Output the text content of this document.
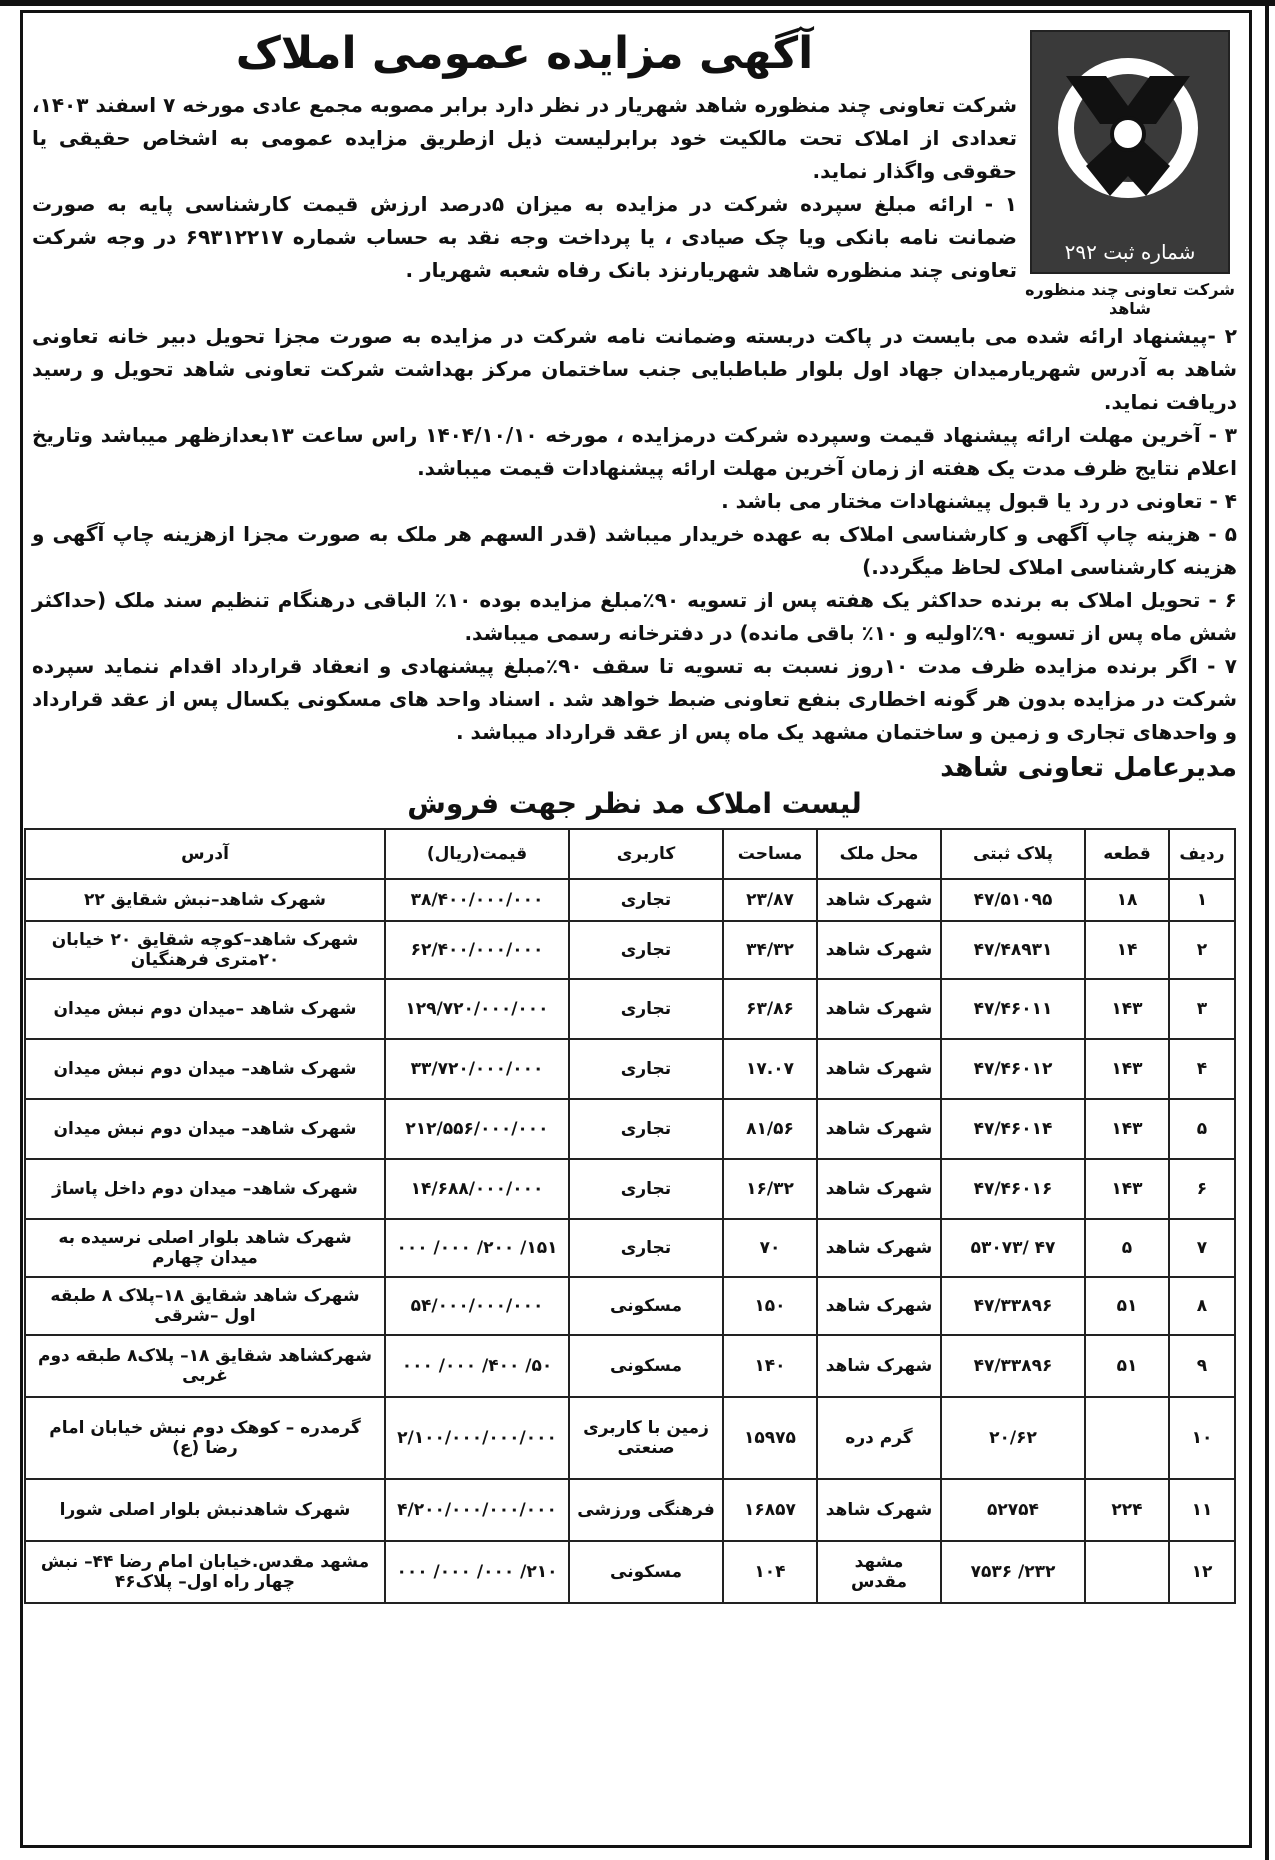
شماره ثبت ۲۹۲
شرکت تعاونی چند منظوره شاهد
آگهی مزایده عمومی املاک

شرکت تعاونی چند منظوره شاهد شهریار در نظر دارد برابر مصوبه مجمع عادی مورخه ۷ اسفند ۱۴۰۳، تعدادی از املاک تحت مالکیت خود برابرلیست ذیل ازطریق مزایده عمومی به اشخاص حقیقی یا حقوقی واگذار نماید.

۱ - ارائه مبلغ سپرده شرکت در مزایده به میزان ۵درصد ارزش قیمت کارشناسی پایه به صورت ضمانت نامه بانکی ویا چک صیادی ، یا پرداخت وجه نقد به حساب شماره ۶۹۳۱۲۲۱۷ در وجه شرکت تعاونی چند منظوره شاهد شهریارنزد بانک رفاه شعبه شهریار .

۲ -پیشنهاد ارائه شده می بایست در پاکت دربسته وضمانت نامه شرکت در مزایده به صورت مجزا تحویل دبیر خانه تعاونی شاهد به آدرس شهریارمیدان جهاد اول بلوار طباطبایی جنب ساختمان مرکز بهداشت شرکت تعاونی شاهد تحویل و رسید دریافت نماید.

۳ - آخرین مهلت ارائه پیشنهاد قیمت وسپرده شرکت درمزایده ، مورخه ۱۴۰۴/۱۰/۱۰ راس ساعت ۱۳بعدازظهر میباشد وتاریخ اعلام نتایج ظرف مدت یک هفته از زمان آخرین مهلت ارائه پیشنهادات قیمت میباشد.

۴ - تعاونی در رد یا قبول پیشنهادات مختار می باشد .

۵ - هزینه چاپ آگهی و کارشناسی املاک به عهده خریدار میباشد (قدر السهم هر ملک به صورت مجزا ازهزینه چاپ آگهی و هزینه کارشناسی املاک لحاظ میگردد.)

۶ - تحویل املاک به برنده حداکثر یک هفته پس از تسویه ۹۰٪مبلغ مزایده بوده ۱۰٪ الباقی درهنگام تنظیم سند ملک (حداکثر شش ماه پس از تسویه ۹۰٪اولیه و ۱۰٪ باقی مانده) در دفترخانه رسمی میباشد.

۷ - اگر برنده مزایده ظرف مدت ۱۰روز نسبت به تسویه تا سقف ۹۰٪مبلغ پیشنهادی و انعقاد قرارداد اقدام ننماید سپرده شرکت در مزایده بدون هر گونه اخطاری بنفع تعاونی ضبط خواهد شد . اسناد واحد های مسکونی یکسال پس از عقد قرارداد و واحدهای تجاری و زمین و ساختمان مشهد یک ماه پس از عقد قرارداد میباشد .

مدیرعامل تعاونی شاهد
لیست املاک مد نظر جهت فروش
ردیف	قطعه	پلاک ثبتی	محل ملک	مساحت	کاربری	قیمت(ریال)	آدرس
۱	۱۸	۴۷/۵۱۰۹۵	شهرک شاهد	۲۳/۸۷	تجاری	۳۸/۴۰۰/۰۰۰/۰۰۰	شهرک شاهد–نبش شقایق ۲۲
۲	۱۴	۴۷/۴۸۹۳۱	شهرک شاهد	۳۴/۳۲	تجاری	۶۲/۴۰۰/۰۰۰/۰۰۰	شهرک شاهد–کوچه شقایق ۲۰ خیابان ۲۰متری فرهنگیان
۳	۱۴۳	۴۷/۴۶۰۱۱	شهرک شاهد	۶۳/۸۶	تجاری	۱۲۹/۷۲۰/۰۰۰/۰۰۰	شهرک شاهد –میدان دوم نبش میدان
۴	۱۴۳	۴۷/۴۶۰۱۲	شهرک شاهد	۱۷.۰۷	تجاری	۳۳/۷۲۰/۰۰۰/۰۰۰	شهرک شاهد– میدان دوم نبش میدان
۵	۱۴۳	۴۷/۴۶۰۱۴	شهرک شاهد	۸۱/۵۶	تجاری	۲۱۲/۵۵۶/۰۰۰/۰۰۰	شهرک شاهد– میدان دوم نبش میدان
۶	۱۴۳	۴۷/۴۶۰۱۶	شهرک شاهد	۱۶/۳۲	تجاری	۱۴/۶۸۸/۰۰۰/۰۰۰	شهرک شاهد– میدان دوم داخل پاساژ
۷	۵	۴۷ /۵۳۰۷۳	شهرک شاهد	۷۰	تجاری	۱۵۱/ ۲۰۰/ ۰۰۰/ ۰۰۰	شهرک شاهد بلوار اصلی نرسیده به میدان چهارم
۸	۵۱	۴۷/۳۳۸۹۶	شهرک شاهد	۱۵۰	مسکونی	۵۴/۰۰۰/۰۰۰/۰۰۰	شهرک شاهد شقایق ۱۸–پلاک ۸ طبقه اول –شرقی
۹	۵۱	۴۷/۳۳۸۹۶	شهرک شاهد	۱۴۰	مسکونی	۵۰/ ۴۰۰/ ۰۰۰/ ۰۰۰	شهرکشاهد شقایق ۱۸– پلاک۸ طبقه دوم غربی
۱۰		۲۰/۶۲	گرم دره	۱۵۹۷۵	زمین با کاربری صنعتی	۲/۱۰۰/۰۰۰/۰۰۰/۰۰۰	گرمدره – کوهک دوم نبش خیابان امام رضا (ع)
۱۱	۲۲۴	۵۲۷۵۴	شهرک شاهد	۱۶۸۵۷	فرهنگی ورزشی	۴/۲۰۰/۰۰۰/۰۰۰/۰۰۰	شهرک شاهدنبش بلوار اصلی شورا
۱۲		۲۳۲/ ۷۵۳۶	مشهد مقدس	۱۰۴	مسکونی	۲۱۰/ ۰۰۰/ ۰۰۰/ ۰۰۰	مشهد مقدس.خیابان امام رضا ۴۴– نبش چهار راه اول– پلاک۴۶
